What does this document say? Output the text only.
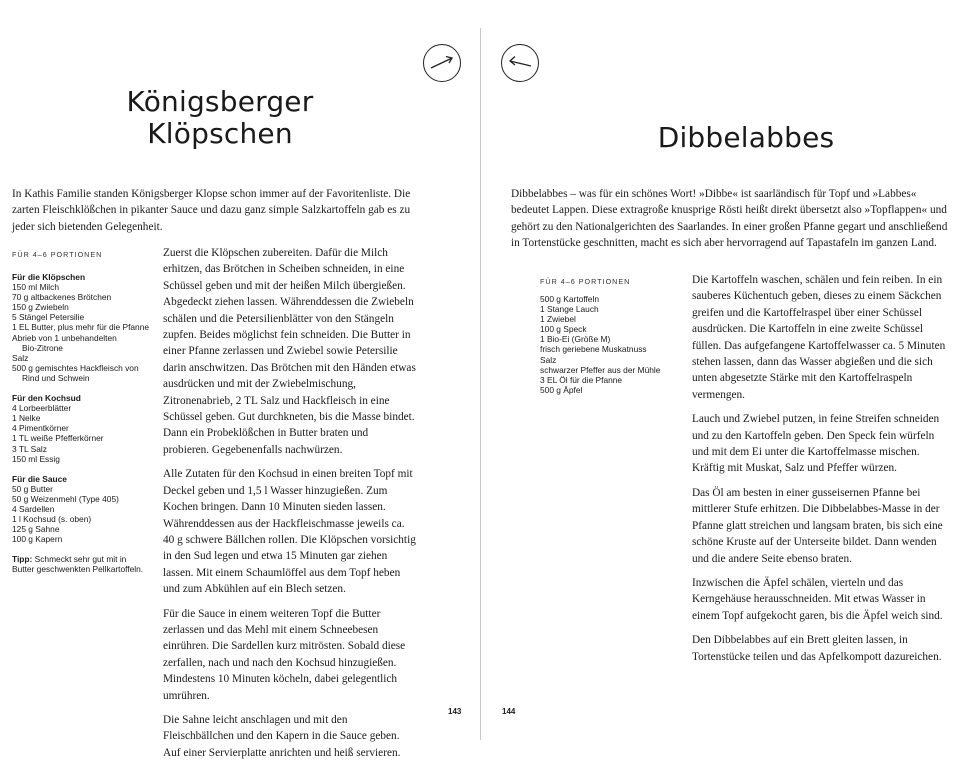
Königsberger
Klöpschen
In Kathis Familie standen Königsberger Klopse schon immer auf der Favoritenliste. Die zarten Fleischklößchen in pikanter Sauce und dazu ganz simple Salzkartoffeln gab es zu jeder sich bietenden Gelegenheit.
FÜR 4–6 PORTIONEN
Für die Klöpschen
150 ml Milch
70 g altbackenes Brötchen
150 g Zwiebeln
5 Stängel Petersilie
1 EL Butter, plus mehr für die Pfanne
Abrieb von 1 unbehandelten
Bio-Zitrone
Salz
500 g gemischtes Hackfleisch von
Rind und Schwein
Für den Kochsud
4 Lorbeerblätter
1 Nelke
4 Pimentkörner
1 TL weiße Pfefferkörner
3 TL Salz
150 ml Essig
Für die Sauce
50 g Butter
50 g Weizenmehl (Type 405)
4 Sardellen
1 l Kochsud (s. oben)
125 g Sahne
100 g Kapern
Tipp: Schmeckt sehr gut mit in
Butter geschwenkten Pellkartoffeln.

Zuerst die Klöpschen zubereiten. Dafür die Milch erhitzen, das Brötchen in Scheiben schneiden, in eine Schüssel geben und mit der heißen Milch übergießen. Abgedeckt ziehen lassen. Währenddessen die Zwiebeln schälen und die Petersilienblätter von den Stängeln zupfen. Beides möglichst fein schneiden. Die Butter in einer Pfanne zerlassen und Zwiebel sowie Petersilie darin anschwitzen. Das Brötchen mit den Händen etwas ausdrücken und mit der Zwiebelmischung, Zitronenabrieb, 2 TL Salz und Hackfleisch in eine Schüssel geben. Gut durchkneten, bis die Masse bindet. Dann ein Probeklößchen in Butter braten und probieren. Gegebenenfalls nachwürzen.

Alle Zutaten für den Kochsud in einen breiten Topf mit Deckel geben und 1,5 l Wasser hinzugießen. Zum Kochen bringen. Dann 10 Minuten sieden lassen. Währenddessen aus der Hackfleischmasse jeweils ca. 40 g schwere Bällchen rollen. Die Klöpschen vorsichtig in den Sud legen und etwa 15 Minuten gar ziehen lassen. Mit einem Schaumlöffel aus dem Topf heben und zum Abkühlen auf ein Blech setzen.

Für die Sauce in einem weiteren Topf die Butter zerlassen und das Mehl mit einem Schneebesen einrühren. Die Sardellen kurz mitrösten. Sobald diese zerfallen, nach und nach den Kochsud hinzugießen. Mindestens 10 Minuten köcheln, dabei gelegentlich umrühren.

Die Sahne leicht anschlagen und mit den Fleischbällchen und den Kapern in die Sauce geben. Auf einer Servierplatte anrichten und heiß servieren.

143
Dibbelabbes
Dibbelabbes – was für ein schönes Wort! »Dibbe« ist saarländisch für Topf und »Labbes« bedeutet Lappen. Diese extragroße knusprige Rösti heißt direkt übersetzt also »Topflappen« und gehört zu den Nationalgerichten des Saarlandes. In einer großen Pfanne gegart und anschließend in Tortenstücke geschnitten, macht es sich aber hervorragend auf Tapastafeln im ganzen Land.
FÜR 4–6 PORTIONEN
500 g Kartoffeln
1 Stange Lauch
1 Zwiebel
100 g Speck
1 Bio-Ei (Größe M)
frisch geriebene Muskatnuss
Salz
schwarzer Pfeffer aus der Mühle
3 EL Öl für die Pfanne
500 g Äpfel

Die Kartoffeln waschen, schälen und fein reiben. In ein sauberes Küchentuch geben, dieses zu einem Säckchen greifen und die Kartoffelraspel über einer Schüssel ausdrücken. Die Kartoffeln in eine zweite Schüssel füllen. Das aufgefangene Kartoffelwasser ca. 5 Minuten stehen lassen, dann das Wasser abgießen und die sich unten abgesetzte Stärke mit den Kartoffelraspeln vermengen.

Lauch und Zwiebel putzen, in feine Streifen schneiden und zu den Kartoffeln geben. Den Speck fein würfeln und mit dem Ei unter die Kartoffelmasse mischen. Kräftig mit Muskat, Salz und Pfeffer würzen.

Das Öl am besten in einer gusseisernen Pfanne bei mittlerer Stufe erhitzen. Die Dibbelabbes-Masse in der Pfanne glatt streichen und langsam braten, bis sich eine schöne Kruste auf der Unterseite bildet. Dann wenden und die andere Seite ebenso braten.

Inzwischen die Äpfel schälen, vierteln und das Kerngehäuse herausschneiden. Mit etwas Wasser in einem Topf aufgekocht garen, bis die Äpfel weich sind.

Den Dibbelabbes auf ein Brett gleiten lassen, in Tortenstücke teilen und das Apfelkompott dazureichen.

144
